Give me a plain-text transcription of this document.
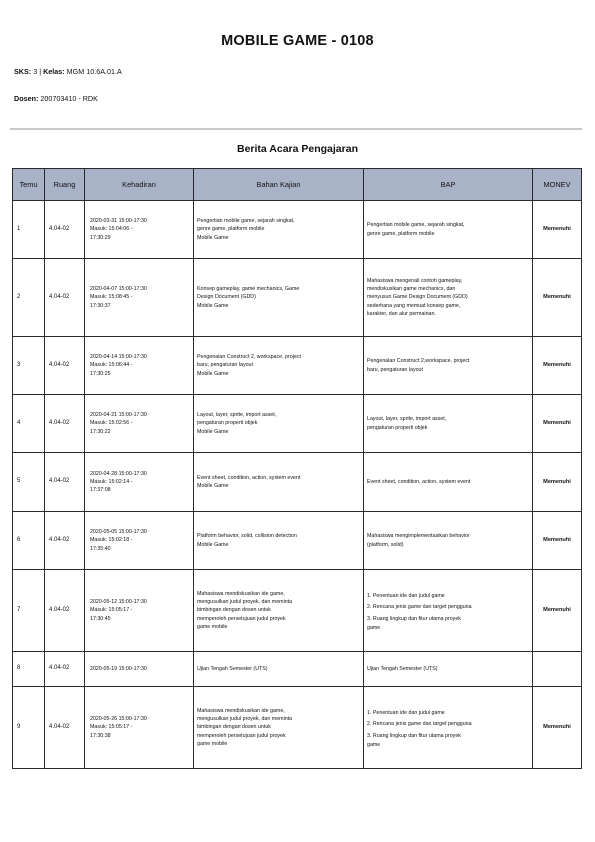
MOBILE GAME - 0108
SKS: 3 | Kelas: MGM 10.6A.01.A
Dosen: 200703410 - RDK
Berita Acara Pengajaran
Temu	Ruang	Kehadiran	Bahan Kajian	BAP	MONEV
1	4.04-02	2020-03-31 15:00-17:30
Masuk: 15:04:06 -
17:30:29	Pengertian mobile game, sejarah singkat,
genre game, platform mobile
Mobile Game	Pengertian mobile game, sejarah singkat,
genre game, platform mobile	Memenuhi
2	4.04-02	2020-04-07 15:00-17:30
Masuk: 15:08:45 -
17:30:37	Konsep gameplay, game mechanics, Game
Design Document (GDD)
Mobile Game	Mahasiswa mengenali contoh gameplay,
mendiskusikan game mechanics, dan
menyusun Game Design Document (GDD)
sederhana yang memuat konsep game,
karakter, dan alur permainan.	Memenuhi
3	4.04-02	2020-04-14 15:00-17:30
Masuk: 15:06:44 -
17:30:25	Pengenalan Construct 2, workspace, project
baru, pengaturan layout
Mobile Game	Pengenalan Construct 2,workspace, project
baru, pengaturan layout	Memenuhi
4	4.04-02	2020-04-21 15:00-17:30
Masuk: 15:02:56 -
17:30:22	Layout, layer, sprite, import asset,
pengaturan properti objek
Mobile Game	Layout, layer, sprite, import asset,
pengaturan properti objek	Memenuhi
5	4.04-02	2020-04-28 15:00-17:30
Masuk: 15:02:14 -
17:37:08	Event sheet, condition, action, system event
Mobile Game	Event sheet, condition, action, system event	Memenuhi
6	4.04-02	2020-05-05 15:00-17:30
Masuk: 15:02:18 -
17:35:40	Platform behavior, solid, collision detection
Mobile Game	Mahasiswa mengimplementasikan behavior
(platform, solid)	Memenuhi
7	4.04-02	2020-05-12 15:00-17:30
Masuk: 15:05:17 -
17:30:45	Mahasiswa mendiskusikan ide game,
mengusulkan judul proyek, dan meminta
bimbingan dengan dosen untuk
memperoleh persetujuan judul proyek
game mobile	1. Penentuan ide dan judul game
2. Rencana jenis game dan target pengguna
3. Ruang lingkup dan fitur utama proyek
game	Memenuhi
8	4.04-02	2020-05-19 15:00-17:30	Ujian Tengah Semester (UTS)	Ujian Tengah Semester (UTS)	
9	4.04-02	2020-05-26 15:00-17:30
Masuk: 15:05:17 -
17:30:38	Mahasiswa mendiskusikan ide game,
mengusulkan judul proyek, dan meminta
bimbingan dengan dosen untuk
memperoleh persetujuan judul proyek
game mobile	1. Penentuan ide dan judul game
2. Rencana jenis game dan target pengguna
3. Ruang lingkup dan fitur utama proyek
game	Memenuhi
